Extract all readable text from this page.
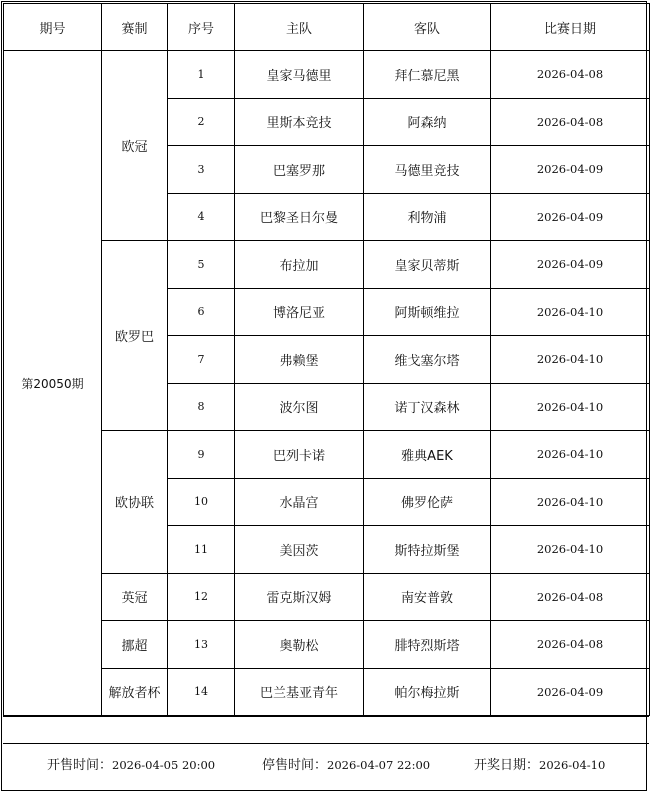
期号	赛制	序号	主队	客队	比赛日期
第20050期	欧冠	1	皇家马德里	拜仁慕尼黑	2026-04-08
		2	里斯本竞技	阿森纳	2026-04-08
		3	巴塞罗那	马德里竞技	2026-04-09
		4	巴黎圣日尔曼	利物浦	2026-04-09
	欧罗巴	5	布拉加	皇家贝蒂斯	2026-04-09
		6	博洛尼亚	阿斯顿维拉	2026-04-10
		7	弗赖堡	维戈塞尔塔	2026-04-10
		8	波尔图	诺丁汉森林	2026-04-10
	欧协联	9	巴列卡诺	雅典AEK	2026-04-10
		10	水晶宫	佛罗伦萨	2026-04-10
		11	美因茨	斯特拉斯堡	2026-04-10
	英冠	12	雷克斯汉姆	南安普敦	2026-04-08
	挪超	13	奥勒松	腓特烈斯塔	2026-04-08
	解放者杯	14	巴兰基亚青年	帕尔梅拉斯	2026-04-09
开售时间：2026-04-05 20:00	停售时间：2026-04-07 22:00	开奖日期：2026-04-10
